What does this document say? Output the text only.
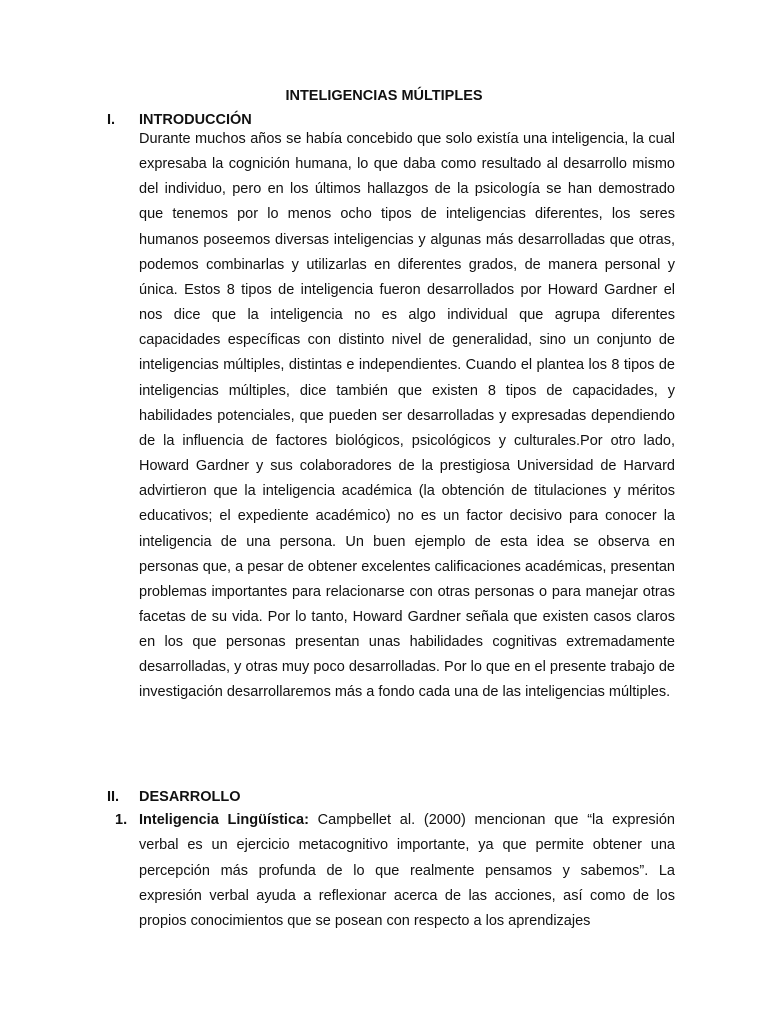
INTELIGENCIAS MÚLTIPLES
I. INTRODUCCIÓN

Durante muchos años se había concebido que solo existía una inteligencia, la cual expresaba la cognición humana, lo que daba como resultado al desarrollo mismo del individuo, pero en los últimos hallazgos de la psicología se han demostrado que tenemos por lo menos ocho tipos de inteligencias diferentes, los seres humanos poseemos diversas inteligencias y algunas más desarrolladas que otras, podemos combinarlas y utilizarlas en diferentes grados, de manera personal y única. Estos 8 tipos de inteligencia fueron desarrollados por Howard Gardner el nos dice que la inteligencia no es algo individual que agrupa diferentes capacidades específicas con distinto nivel de generalidad, sino un conjunto de inteligencias múltiples, distintas e independientes. Cuando el plantea los 8 tipos de inteligencias múltiples, dice también que existen 8 tipos de capacidades, y habilidades potenciales, que pueden ser desarrolladas y expresadas dependiendo de la influencia de factores biológicos, psicológicos y culturales.Por otro lado, Howard Gardner y sus colaboradores de la prestigiosa Universidad de Harvard advirtieron que la inteligencia académica (la obtención de titulaciones y méritos educativos; el expediente académico) no es un factor decisivo para conocer la inteligencia de una persona. Un buen ejemplo de esta idea se observa en personas que, a pesar de obtener excelentes calificaciones académicas, presentan problemas importantes para relacionarse con otras personas o para manejar otras facetas de su vida. Por lo tanto, Howard Gardner señala que existen casos claros en los que personas presentan unas habilidades cognitivas extremadamente desarrolladas, y otras muy poco desarrolladas. Por lo que en el presente trabajo de investigación desarrollaremos más a fondo cada una de las inteligencias múltiples.

II. DESARROLLO
1. Inteligencia Lingüística: Campbellet al. (2000) mencionan que “la expresión verbal es un ejercicio metacognitivo importante, ya que permite obtener una percepción más profunda de lo que realmente pensamos y sabemos”. La expresión verbal ayuda a reflexionar acerca de las acciones, así como de los propios conocimientos que se posean con respecto a los aprendizajes
